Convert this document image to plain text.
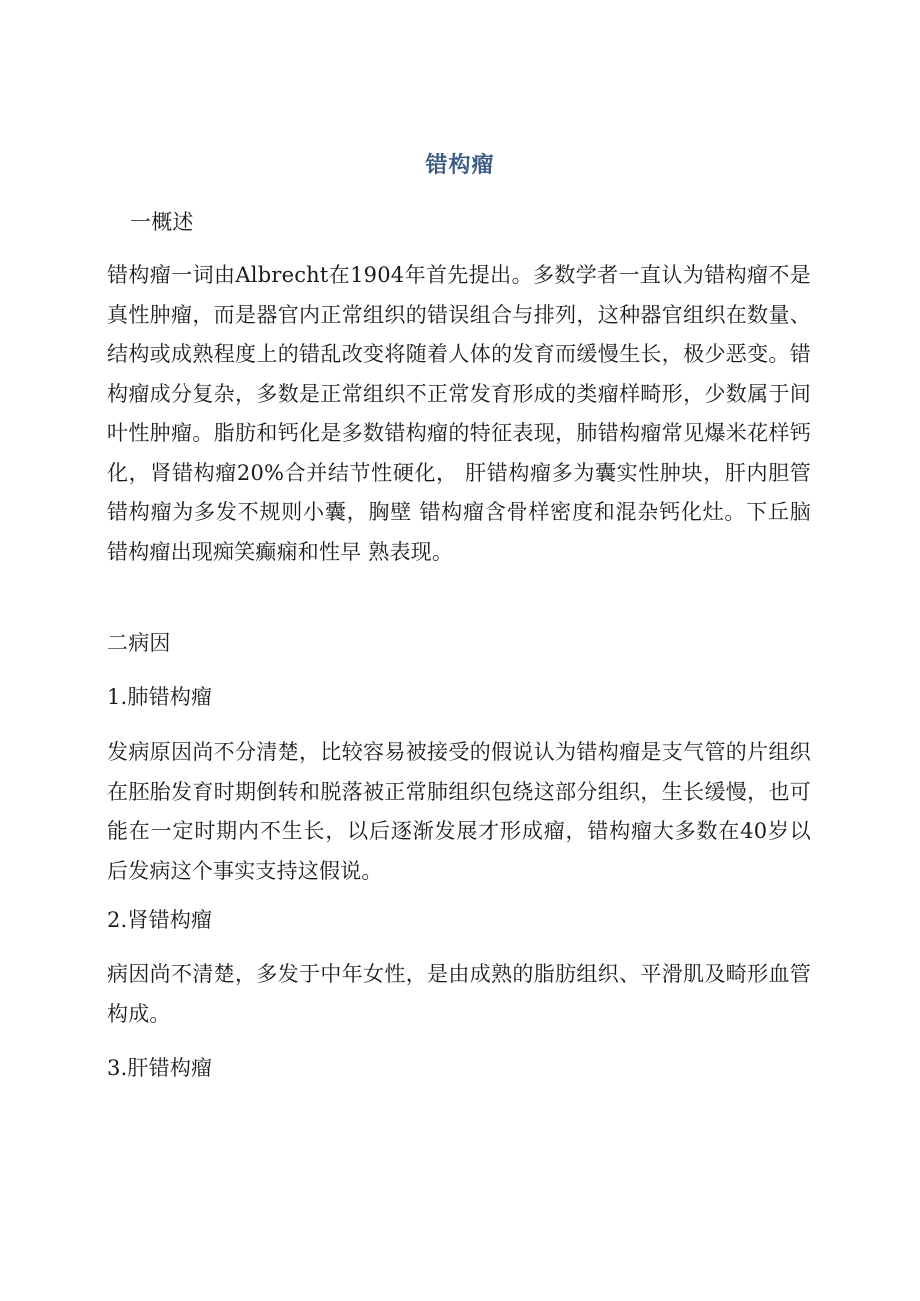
错构瘤

一概述

错构瘤一词由Albrecht在1904年首先提出。多数学者一直认为错构瘤不是真性肿瘤，而是器官内正常组织的错误组合与排列，这种器官组织在数量、结构或成熟程度上的错乱改变将随着人体的发育而缓慢生长，极少恶变。错构瘤成分复杂，多数是正常组织不正常发育形成的类瘤样畸形，少数属于间叶性肿瘤。脂肪和钙化是多数错构瘤的特征表现，肺错构瘤常见爆米花样钙化，肾错构瘤20%合并结节性硬化， 肝错构瘤多为囊实性肿块，肝内胆管错构瘤为多发不规则小囊，胸壁 错构瘤含骨样密度和混杂钙化灶。下丘脑错构瘤出现痴笑癫痫和性早 熟表现。

二病因

1.肺错构瘤

发病原因尚不分清楚，比较容易被接受的假说认为错构瘤是支气管的片组织在胚胎发育时期倒转和脱落被正常肺组织包绕这部分组织，生长缓慢，也可能在一定时期内不生长，以后逐渐发展才形成瘤，错构瘤大多数在40岁以后发病这个事实支持这假说。

2.肾错构瘤

病因尚不清楚，多发于中年女性，是由成熟的脂肪组织、平滑肌及畸形血管构成。

3.肝错构瘤
